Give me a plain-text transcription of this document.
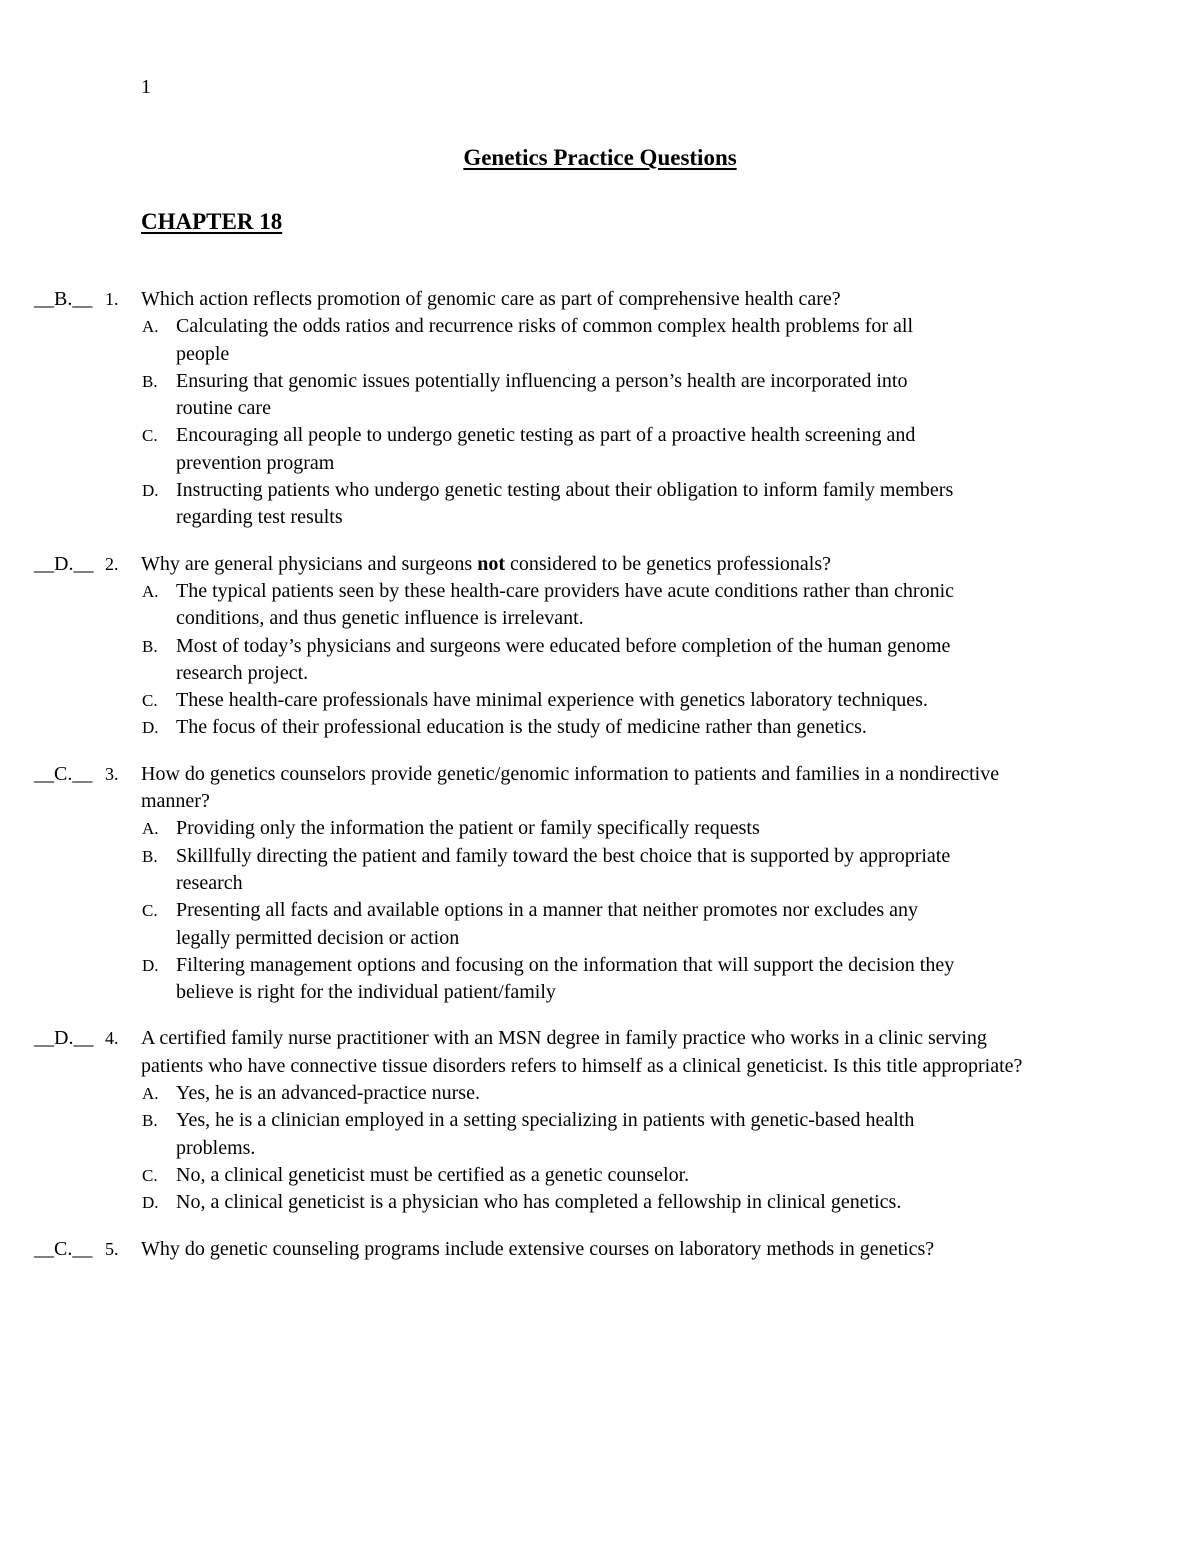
1
Genetics Practice Questions
CHAPTER 18
__B.__ 1. Which action reflects promotion of genomic care as part of comprehensive health care?
A. Calculating the odds ratios and recurrence risks of common complex health problems for all people
B. Ensuring that genomic issues potentially influencing a person’s health are incorporated into routine care
C. Encouraging all people to undergo genetic testing as part of a proactive health screening and prevention program
D. Instructing patients who undergo genetic testing about their obligation to inform family members regarding test results
__D.__ 2. Why are general physicians and surgeons not considered to be genetics professionals?
A. The typical patients seen by these health-care providers have acute conditions rather than chronic conditions, and thus genetic influence is irrelevant.
B. Most of today’s physicians and surgeons were educated before completion of the human genome research project.
C. These health-care professionals have minimal experience with genetics laboratory techniques.
D. The focus of their professional education is the study of medicine rather than genetics.
__C.__ 3. How do genetics counselors provide genetic/genomic information to patients and families in a nondirective manner?
A. Providing only the information the patient or family specifically requests
B. Skillfully directing the patient and family toward the best choice that is supported by appropriate research
C. Presenting all facts and available options in a manner that neither promotes nor excludes any legally permitted decision or action
D. Filtering management options and focusing on the information that will support the decision they believe is right for the individual patient/family
__D.__ 4. A certified family nurse practitioner with an MSN degree in family practice who works in a clinic serving patients who have connective tissue disorders refers to himself as a clinical geneticist. Is this title appropriate?
A. Yes, he is an advanced-practice nurse.
B. Yes, he is a clinician employed in a setting specializing in patients with genetic-based health problems.
C. No, a clinical geneticist must be certified as a genetic counselor.
D. No, a clinical geneticist is a physician who has completed a fellowship in clinical genetics.
__C.__ 5. Why do genetic counseling programs include extensive courses on laboratory methods in genetics?
